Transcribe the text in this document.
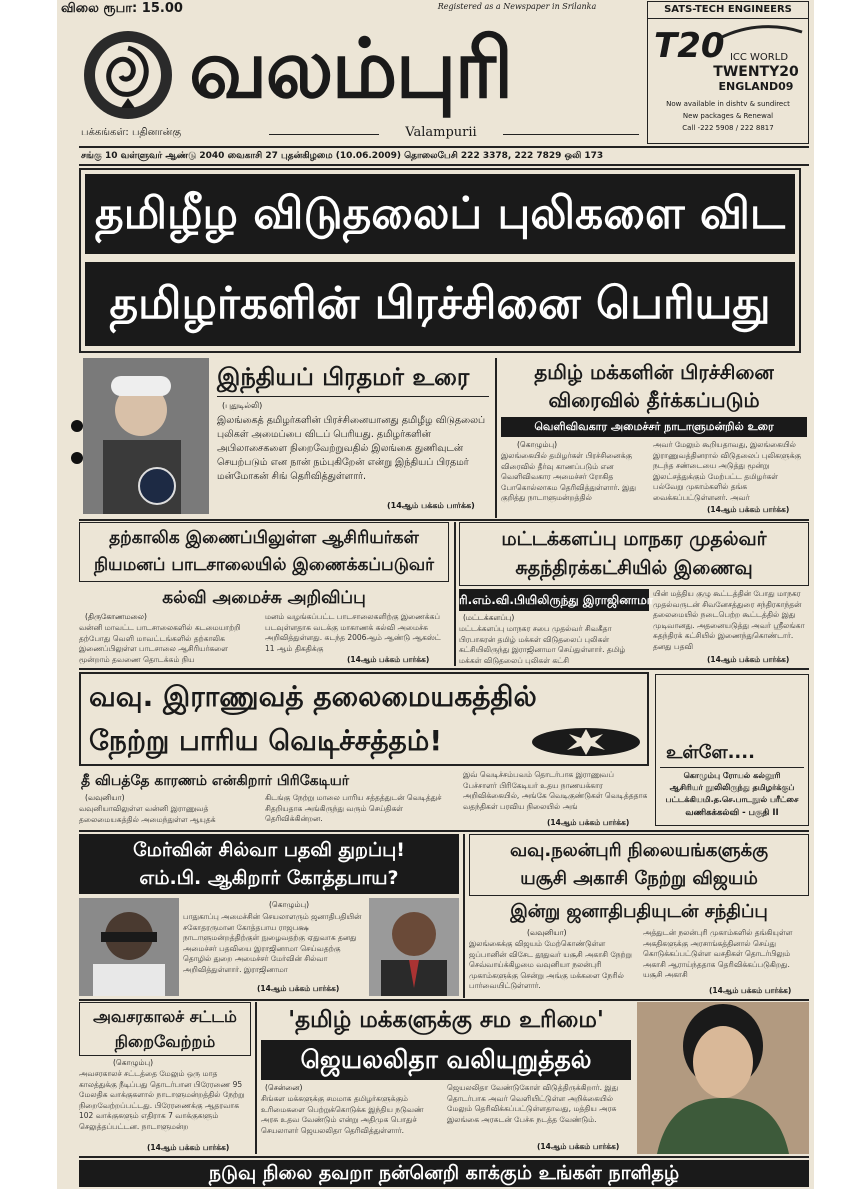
விலை ரூபா: 15.00	Registered as a Newspaper in Srilanka
வலம்புரி
SATS-TECH ENGINEERS
T20 ICC WORLD
TWENTY20
ENGLAND09
Now available in dishtv & sundirect
New packages & Renewal
Call -222 5908 / 222 8817
பக்கங்கள்: பதினான்கு	Valampurii
சங்கு 10 வள்ளுவர் ஆண்டு 2040 வைகாசி 27 புதன்கிழமை (10.06.2009) தொலைபேசி 222 3378, 222 7829 ஒலி 173
தமிழீழ விடுதலைப் புலிகளை விட
தமிழர்களின் பிரச்சினை பெரியது
இந்தியப் பிரதமர் உரை
(புதுடில்லி)
இலங்கைத் தமிழர்களின் பிரச்சினையானது தமிழீழ விடுதலைப் புலிகள் அமைப்பை விடப் பெரியது. தமிழர்களின் அபிலாசைகளை நிறைவேற்றுவதில் இலங்கை துணிவுடன் செயற்படும் என நான் நம்புகிறேன் என்று இந்தியப் பிரதமர் மன்மோகன் சிங் தெரிவித்துள்ளார்.
(14ஆம் பக்கம் பார்க்க)
தமிழ் மக்களின் பிரச்சினை
விரைவில் தீர்க்கப்படும்
வெளிவிவகார அமைச்சர் நாடாளுமன்றில் உரை
(கொழும்பு)
இலங்கையில் தமிழர்கள் பிரச்சினைக்கு விரைவில் தீர்வு காணப்படும் என வெளிவிவகார அமைச்சர் ரோகித போகொல்லாகம தெரிவித்துள்ளார். இது குறித்து நாடாளுமன்றத்தில்
அவர் மேலும் கூறியதாவது, இலங்கையில் இராணுவத்தினரால் விடுதலைப் புலிகளுக்கு நடந்த சண்டையை அடுத்து மூன்று இலட்சத்துக்கும் மேற்பட்ட தமிழர்கள் பல்வேறு முகாம்களில் தங்க வைக்கப்பட்டுள்ளனர். அவர்
(14ஆம் பக்கம் பார்க்க)
தற்காலிக இணைப்பிலுள்ள ஆசிரியர்கள்
நியமனப் பாடசாலையில் இணைக்கப்படுவர்
கல்வி அமைச்சு அறிவிப்பு
(திருகோணமலை)
வன்னி மாவட்ட பாடசாலைகளில் கடமையாற்றி தற்போது வெளி மாவட்டங்களில் தற்காலிக இணைப்பிலுள்ள பாடசாலை ஆசிரியர்களை மூன்றாம் தவணை தொடக்கம் நிய
மனம் வழங்கப்பட்ட பாடசாலைகளிற்கு இணைக்கப் படவுள்ளதாக வடக்கு மாகாணக் கல்வி அமைச்சு அறிவித்துள்ளது. கடந்த 2006ஆம் ஆண்டு ஆகஸ்ட் 11 ஆம் திகதிக்கு
(14ஆம் பக்கம் பார்க்க)
மட்டக்களப்பு மாநகர முதல்வர்
சுதந்திரக்கட்சியில் இணைவு
ரி.எம்.வி.பியிலிருந்து இராஜினாமா
(மட்டக்களப்பு)
மட்டக்களப்பு மாநகர சபை முதல்வர் சிவகீதா பிரபாகரன் தமிழ் மக்கள் விடுதலைப் புலிகள் கட்சியிலிருந்து இராஜினாமா செய்துள்ளார். தமிழ் மக்கள் விடுதலைப் புலிகள் கட்சி
யின் மத்திய குழு கூட்டத்தின் போது மாநகர முதல்வருடன் சிவனேசத்துரை சந்திரகாந்தன் தலைமையில் நடைபெற்ற கூட்டத்தில் இது முடிவானது. அதனையடுத்து அவர் ஸ்ரீலங்கா சுதந்திரக் கட்சியில் இணைந்துகொண்டார். தனது பதவி
(14ஆம் பக்கம் பார்க்க)
வவு. இராணுவத் தலைமையகத்தில்
நேற்று பாரிய வெடிச்சத்தம்!
தீ விபத்தே காரணம் என்கிறார் பிரிகேடியர்
(வவுனியா)
வவுனியாவிலுள்ள வன்னி இராணுவத் தலைமையகத்தில் அமைந்துள்ள ஆயுதக்
கிடங்கு நேற்று மாலை பாரிய சத்தத்துடன் வெடித்துச் சிதறியதாக அங்கிருந்து வரும் செய்திகள் தெரிவிக்கின்றன.
இவ் வெடிச்சம்பவம் தொடர்பாக இராணுவப் பேச்சாளர் பிரிகேடியர் உதய நாணயக்கார அறிவிக்கையில், அங்கே வெடிகுண்டுகள் வெடித்ததாக வதந்திகள் பரவிய நிலையில் அங்
(14ஆம் பக்கம் பார்க்க)
உள்ளே....
கொழும்பு ரோயல் கல்லூரி
ஆசிரியர் நூலிலிருந்து தமிழர்க்குப்
பட்டக்கியமி.த.செ.பாடநூல் பரீட்சை
வணிகக்கல்வி - பகுதி II
மேர்வின் சில்வா பதவி துறப்பு!
எம்.பி. ஆகிறார் கோத்தபாய?
(கொழும்பு)
பாதுகாப்பு அமைச்சின் செயலாளரும் ஜனாதிபதியின் சகோதரருமான கோத்தபாய ராஜபக்ஷ நாடாளுமன்றத்திற்குள் நுழைவதற்கு ஏதுவாக தனது அமைச்சர் பதவியை இராஜினாமா செய்வதற்கு தொழில் துறை அமைச்சர் மேர்வின் சில்வா அறிவித்துள்ளார். இராஜினாமா
(14ஆம் பக்கம் பார்க்க)
வவு.நலன்புரி நிலையங்களுக்கு
யசூசி அகாசி நேற்று விஜயம்
இன்று ஜனாதிபதியுடன் சந்திப்பு
(வவுனியா)
இலங்கைக்கு விஜயம் மேற்கொண்டுள்ள ஜப்பானின் விசேட தூதுவர் யசூசி அகாசி நேற்று செவ்வாய்க்கிழமை வவுனியா நலன்புரி முகாம்களுக்கு சென்று அங்கு மக்களை நேரில் பார்வையிட்டுள்ளார்.
அத்துடன் நலன்புரி முகாம்களில் தங்கியுள்ள அகதிகளுக்கு அரசாங்கத்தினால் செய்து கொடுக்கப்பட்டுள்ள வசதிகள் தொடர்பிலும் அகாசி ஆராய்ந்ததாக தெரிவிக்கப்படுகிறது. யசூசி அகாசி
(14ஆம் பக்கம் பார்க்க)
அவசரகாலச் சட்டம்
நிறைவேற்றம்
(கொழும்பு)
அவசரகாலச் சட்டத்தை மேலும் ஒரு மாத காலத்துக்கு நீடிப்பது தொடர்பான பிரேரணை 95 மேலதிக வாக்குகளால் நாடாளுமன்றத்தில் நேற்று நிறைவேற்றப்பட்டது. பிரேரணைக்கு ஆதரவாக 102 வாக்குகளும் எதிராக 7 வாக்குகளும் செலுத்தப்பட்டன. நாடாளுமன்ற
(14ஆம் பக்கம் பார்க்க)
'தமிழ் மக்களுக்கு சம உரிமை'
ஜெயலலிதா வலியுறுத்தல்
(சென்னை)
சிங்கள மக்களுக்கு சமமாக தமிழர்களுக்கும் உரிமைகளை பெற்றுக்கொடுக்க இந்திய நடுவண் அரசு உதவ வேண்டும் என்று அதிமுக பொதுச் செயலாளர் ஜெயலலிதா தெரிவித்துள்ளார்.
ஜெயலலிதா வேண்டுகோள் விடுத்திருக்கிறார். இது தொடர்பாக அவர் வெளியிட்டுள்ள அறிக்கையில் மேலும் தெரிவிக்கப்பட்டுள்ளதாவது, மத்திய அரசு இலங்கை அரசுடன் பேச்சு நடத்த வேண்டும்.
(14ஆம் பக்கம் பார்க்க)
நடுவு நிலை தவறா நன்னெறி காக்கும் உங்கள் நாளிதழ்
